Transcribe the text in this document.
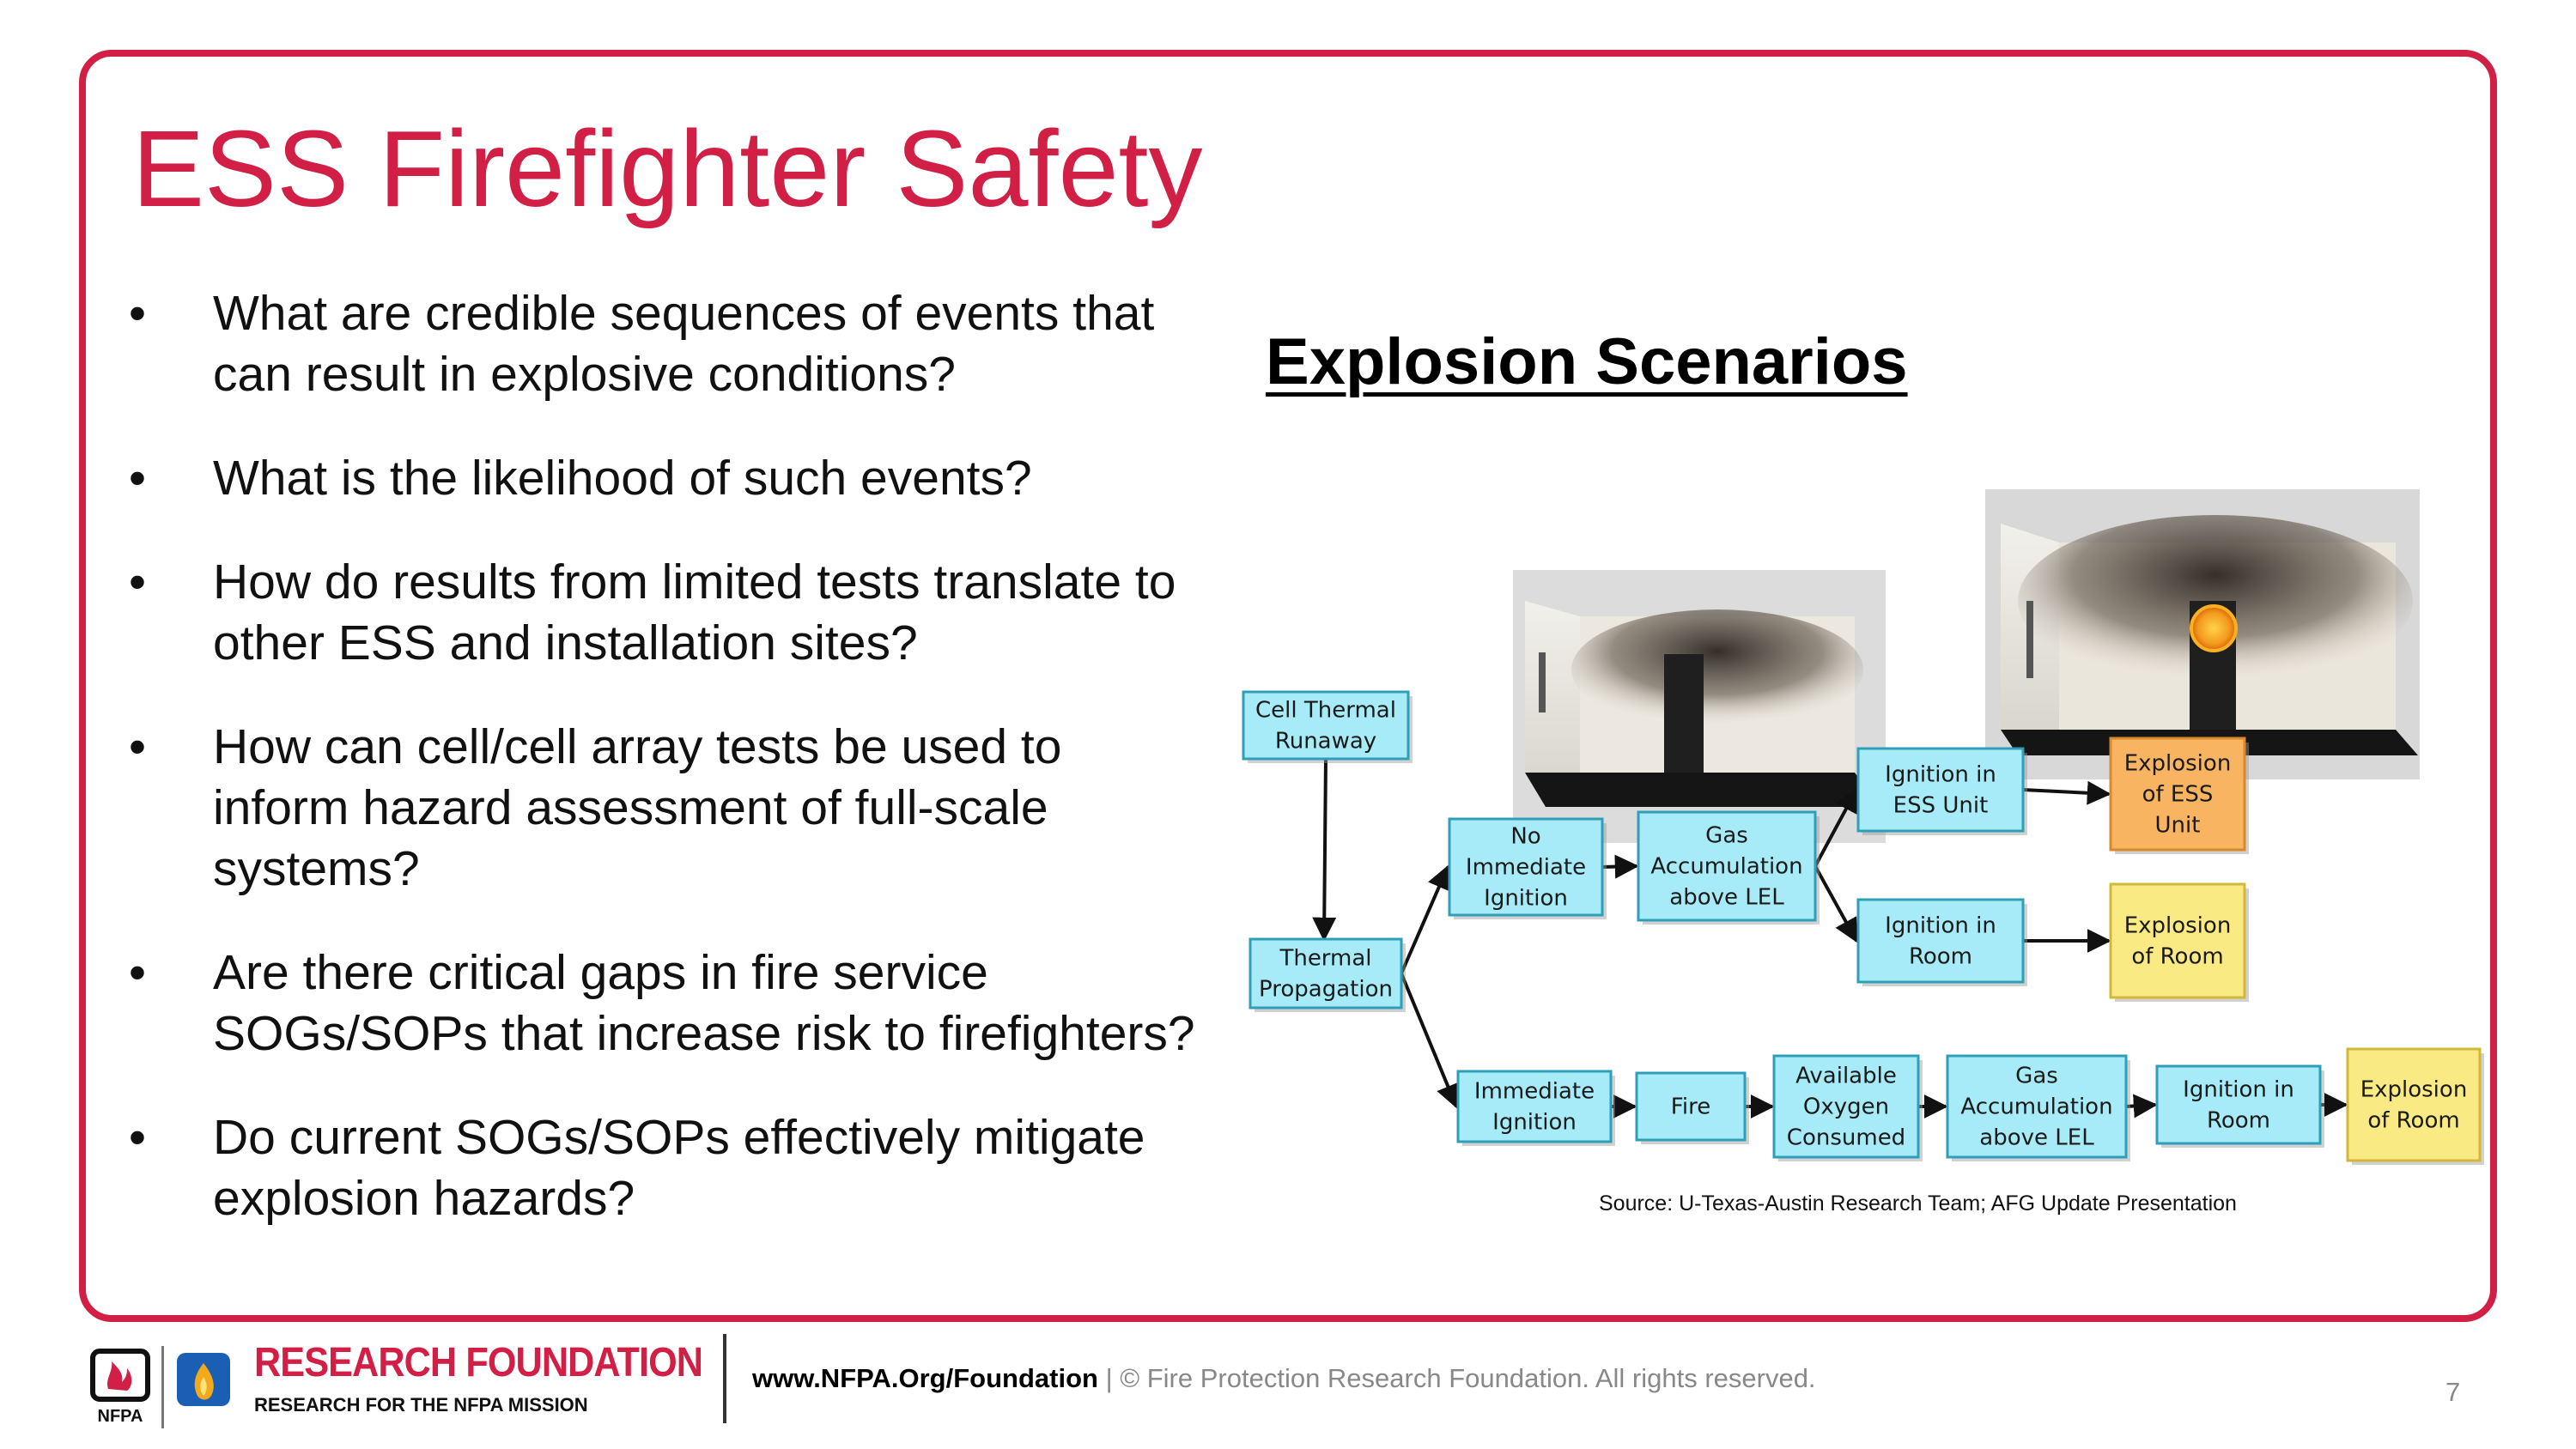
ESS Firefighter Safety
• What are credible sequences of events that can result in explosive conditions?
• What is the likelihood of such events?
• How do results from limited tests translate to other ESS and installation sites?
• How can cell/cell array tests be used to inform hazard assessment of full-scale systems?
• Are there critical gaps in fire service SOGs/SOPs that increase risk to firefighters?
• Do current SOGs/SOPs effectively mitigate explosion hazards?
Explosion Scenarios
Cell Thermal
Runaway
Thermal
Propagation
No
Immediate
Ignition
Gas
Accumulation
above LEL
Ignition in
ESS Unit
Explosion
of ESS
Unit
Ignition in
Room
Explosion
of Room
Immediate
Ignition
Fire
Available
Oxygen
Consumed
Gas
Accumulation
above LEL
Ignition in
Room
Explosion
of Room
Source: U-Texas-Austin Research Team; AFG Update Presentation
NFPA
RESEARCH FOUNDATION
RESEARCH FOR THE NFPA MISSION
www.NFPA.Org/Foundation | © Fire Protection Research Foundation. All rights reserved.	7
